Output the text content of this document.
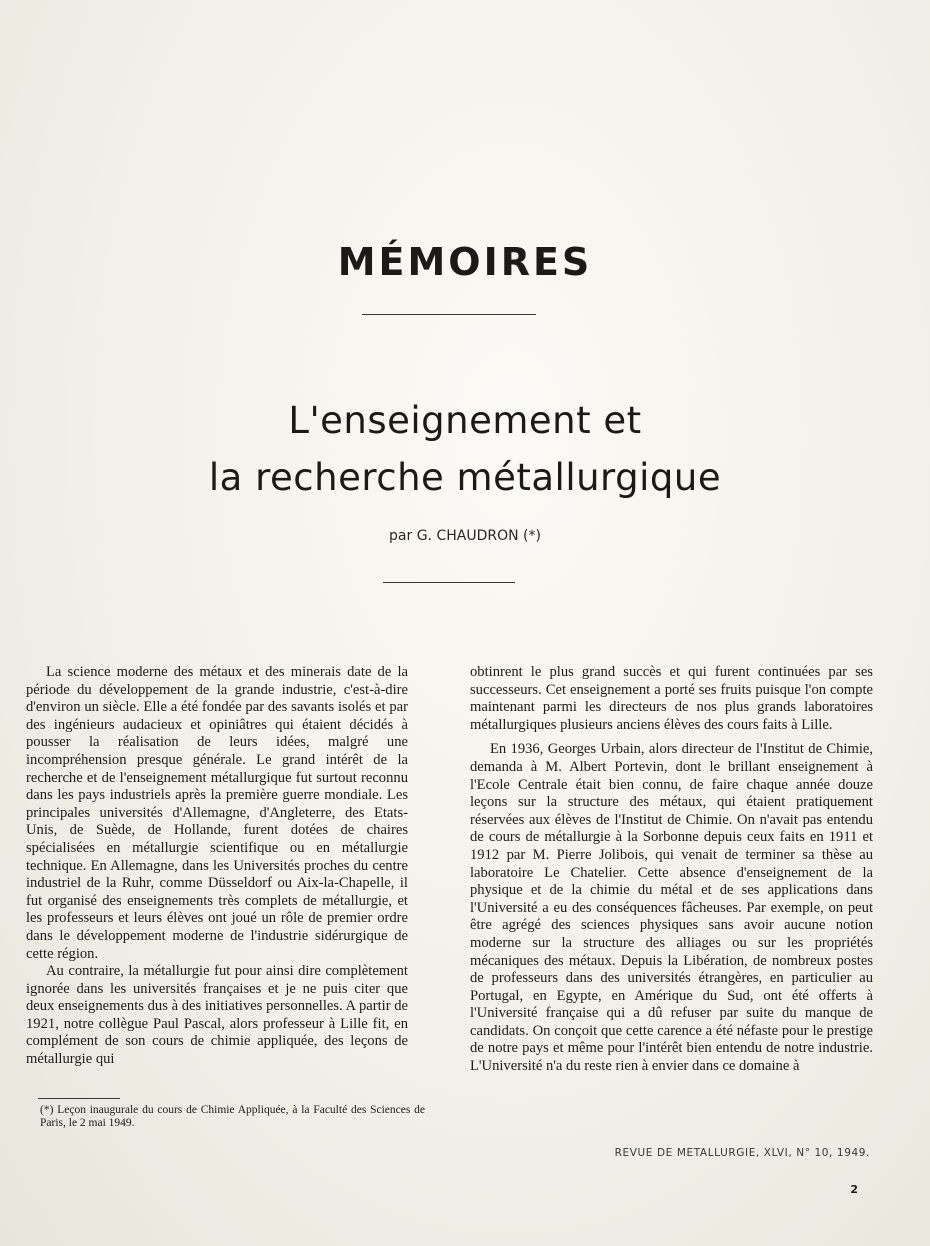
MÉMOIRES
L'enseignement et
la recherche métallurgique
par G. CHAUDRON (*)

La science moderne des métaux et des minerais date de la période du développement de la grande industrie, c'est-à-dire d'environ un siècle. Elle a été fondée par des savants isolés et par des ingénieurs audacieux et opiniâtres qui étaient décidés à pousser la réalisation de leurs idées, malgré une incompréhension presque générale. Le grand intérêt de la recherche et de l'enseignement métallurgique fut surtout reconnu dans les pays industriels après la première guerre mondiale. Les principales universités d'Allemagne, d'Angleterre, des Etats-Unis, de Suède, de Hollande, furent dotées de chaires spécialisées en métallurgie scientifique ou en métallurgie technique. En Allemagne, dans les Universités proches du centre industriel de la Ruhr, comme Düsseldorf ou Aix-la-Chapelle, il fut organisé des enseignements très complets de métallurgie, et les professeurs et leurs élèves ont joué un rôle de premier ordre dans le développement moderne de l'industrie sidérurgique de cette région.

Au contraire, la métallurgie fut pour ainsi dire complètement ignorée dans les universités françaises et je ne puis citer que deux enseignements dus à des initiatives personnelles. A partir de 1921, notre collègue Paul Pascal, alors professeur à Lille fit, en complément de son cours de chimie appliquée, des leçons de métallurgie qui

obtinrent le plus grand succès et qui furent continuées par ses successeurs. Cet enseignement a porté ses fruits puisque l'on compte maintenant parmi les directeurs de nos plus grands laboratoires métallurgiques plusieurs anciens élèves des cours faits à Lille.

En 1936, Georges Urbain, alors directeur de l'Institut de Chimie, demanda à M. Albert Portevin, dont le brillant enseignement à l'Ecole Centrale était bien connu, de faire chaque année douze leçons sur la structure des métaux, qui étaient pratiquement réservées aux élèves de l'Institut de Chimie. On n'avait pas entendu de cours de métallurgie à la Sorbonne depuis ceux faits en 1911 et 1912 par M. Pierre Jolibois, qui venait de terminer sa thèse au laboratoire Le Chatelier. Cette absence d'enseignement de la physique et de la chimie du métal et de ses applications dans l'Université a eu des conséquences fâcheuses. Par exemple, on peut être agrégé des sciences physiques sans avoir aucune notion moderne sur la structure des alliages ou sur les propriétés mécaniques des métaux. Depuis la Libération, de nombreux postes de professeurs dans des universités étrangères, en particulier au Portugal, en Egypte, en Amérique du Sud, ont été offerts à l'Université française qui a dû refuser par suite du manque de candidats. On conçoit que cette carence a été néfaste pour le prestige de notre pays et même pour l'intérêt bien entendu de notre industrie. L'Université n'a du reste rien à envier dans ce domaine à

(*) Leçon inaugurale du cours de Chimie Appliquée, à la Faculté des Sciences de Paris, le 2 mai 1949.
REVUE DE METALLURGIE, XLVI, N° 10, 1949.
2
